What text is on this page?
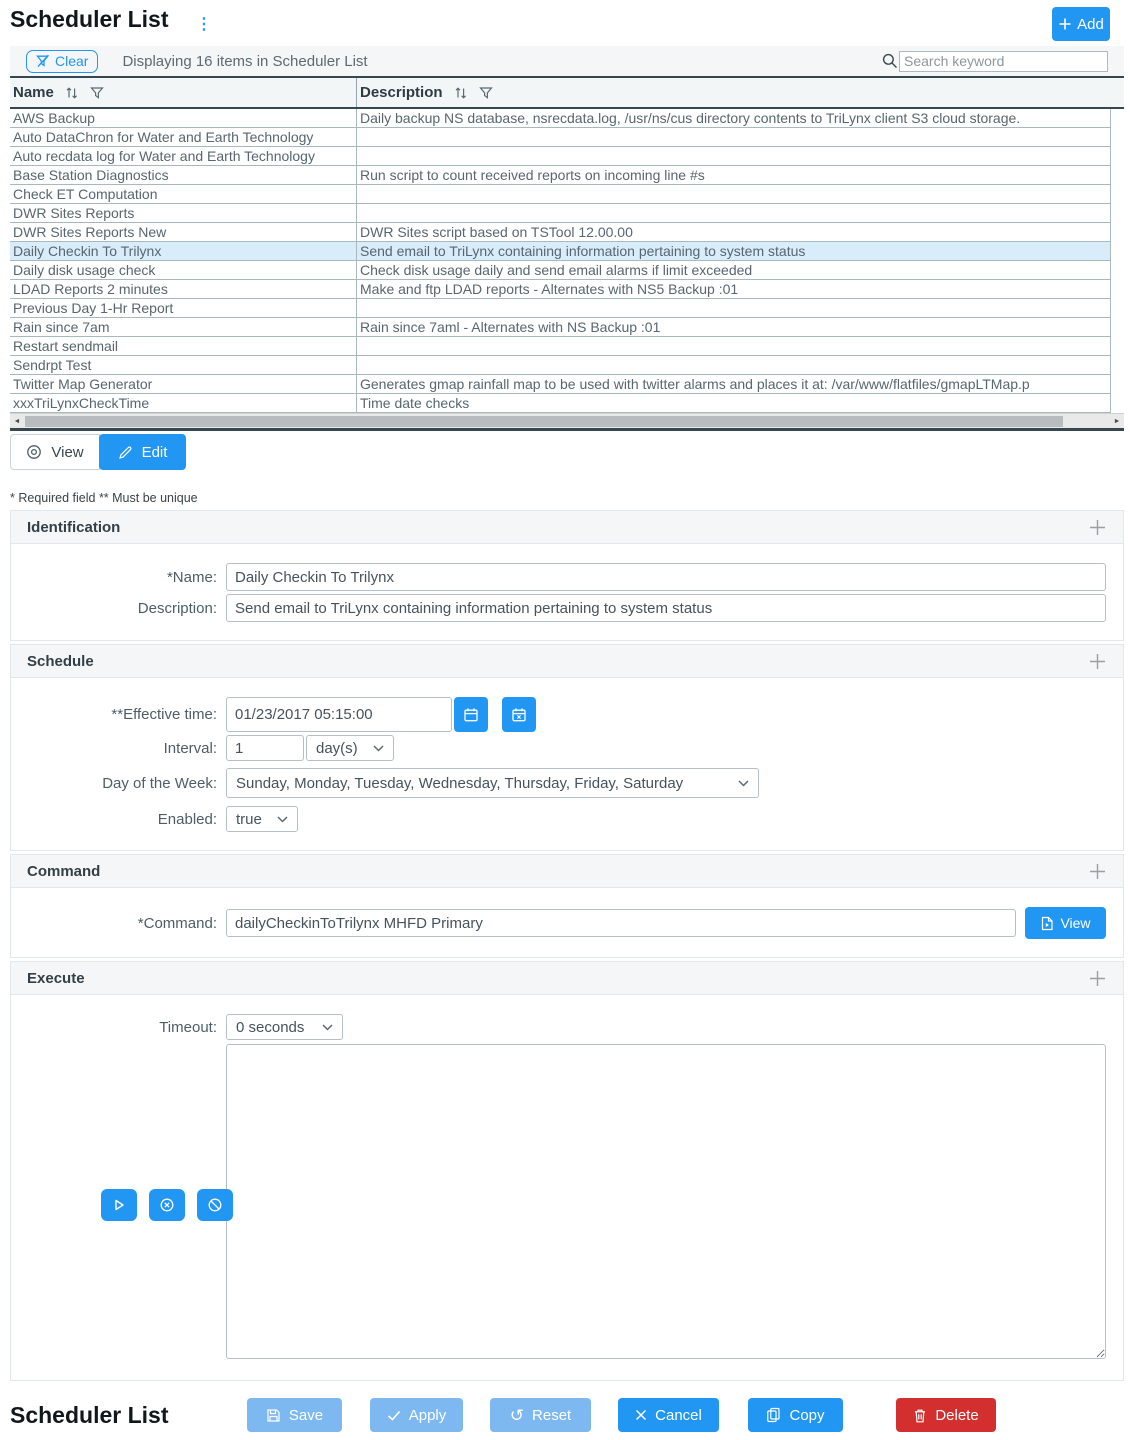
Scheduler List ⋮	Add
Clear Displaying 16 items in Scheduler List
Search keyword
Name	Description
AWS Backup	Daily backup NS database, nsrecdata.log, /usr/ns/cus directory contents to TriLynx client S3 cloud storage.
Auto DataChron for Water and Earth Technology
Auto recdata log for Water and Earth Technology
Base Station Diagnostics	Run script to count received reports on incoming line #s
Check ET Computation
DWR Sites Reports
DWR Sites Reports New	DWR Sites script based on TSTool 12.00.00
Daily Checkin To Trilynx	Send email to TriLynx containing information pertaining to system status
Daily disk usage check	Check disk usage daily and send email alarms if limit exceeded
LDAD Reports 2 minutes	Make and ftp LDAD reports - Alternates with NS5 Backup :01
Previous Day 1-Hr Report
Rain since 7am	Rain since 7aml - Alternates with NS Backup :01
Restart sendmail
Sendrpt Test
Twitter Map Generator	Generates gmap rainfall map to be used with twitter alarms and places it at: /var/www/flatfiles/gmapLTMap.p
xxxTriLynxCheckTime	Time date checks
◄	►
View	Edit
* Required field ** Must be unique
Identification
*Name:
Daily Checkin To Trilynx
Description:
Send email to TriLynx containing information pertaining to system status
Schedule
**Effective time:
01/23/2017 05:15:00
Interval:
1	day(s)
Day of the Week:	Sunday, Monday, Tuesday, Wednesday, Thursday, Friday, Saturday
Enabled:	true
Command
*Command:
dailyCheckinToTrilynx MHFD Primary	View
Execute
Timeout:	0 seconds
Scheduler List	Save	Apply	↺ Reset	Cancel	Copy	Delete
